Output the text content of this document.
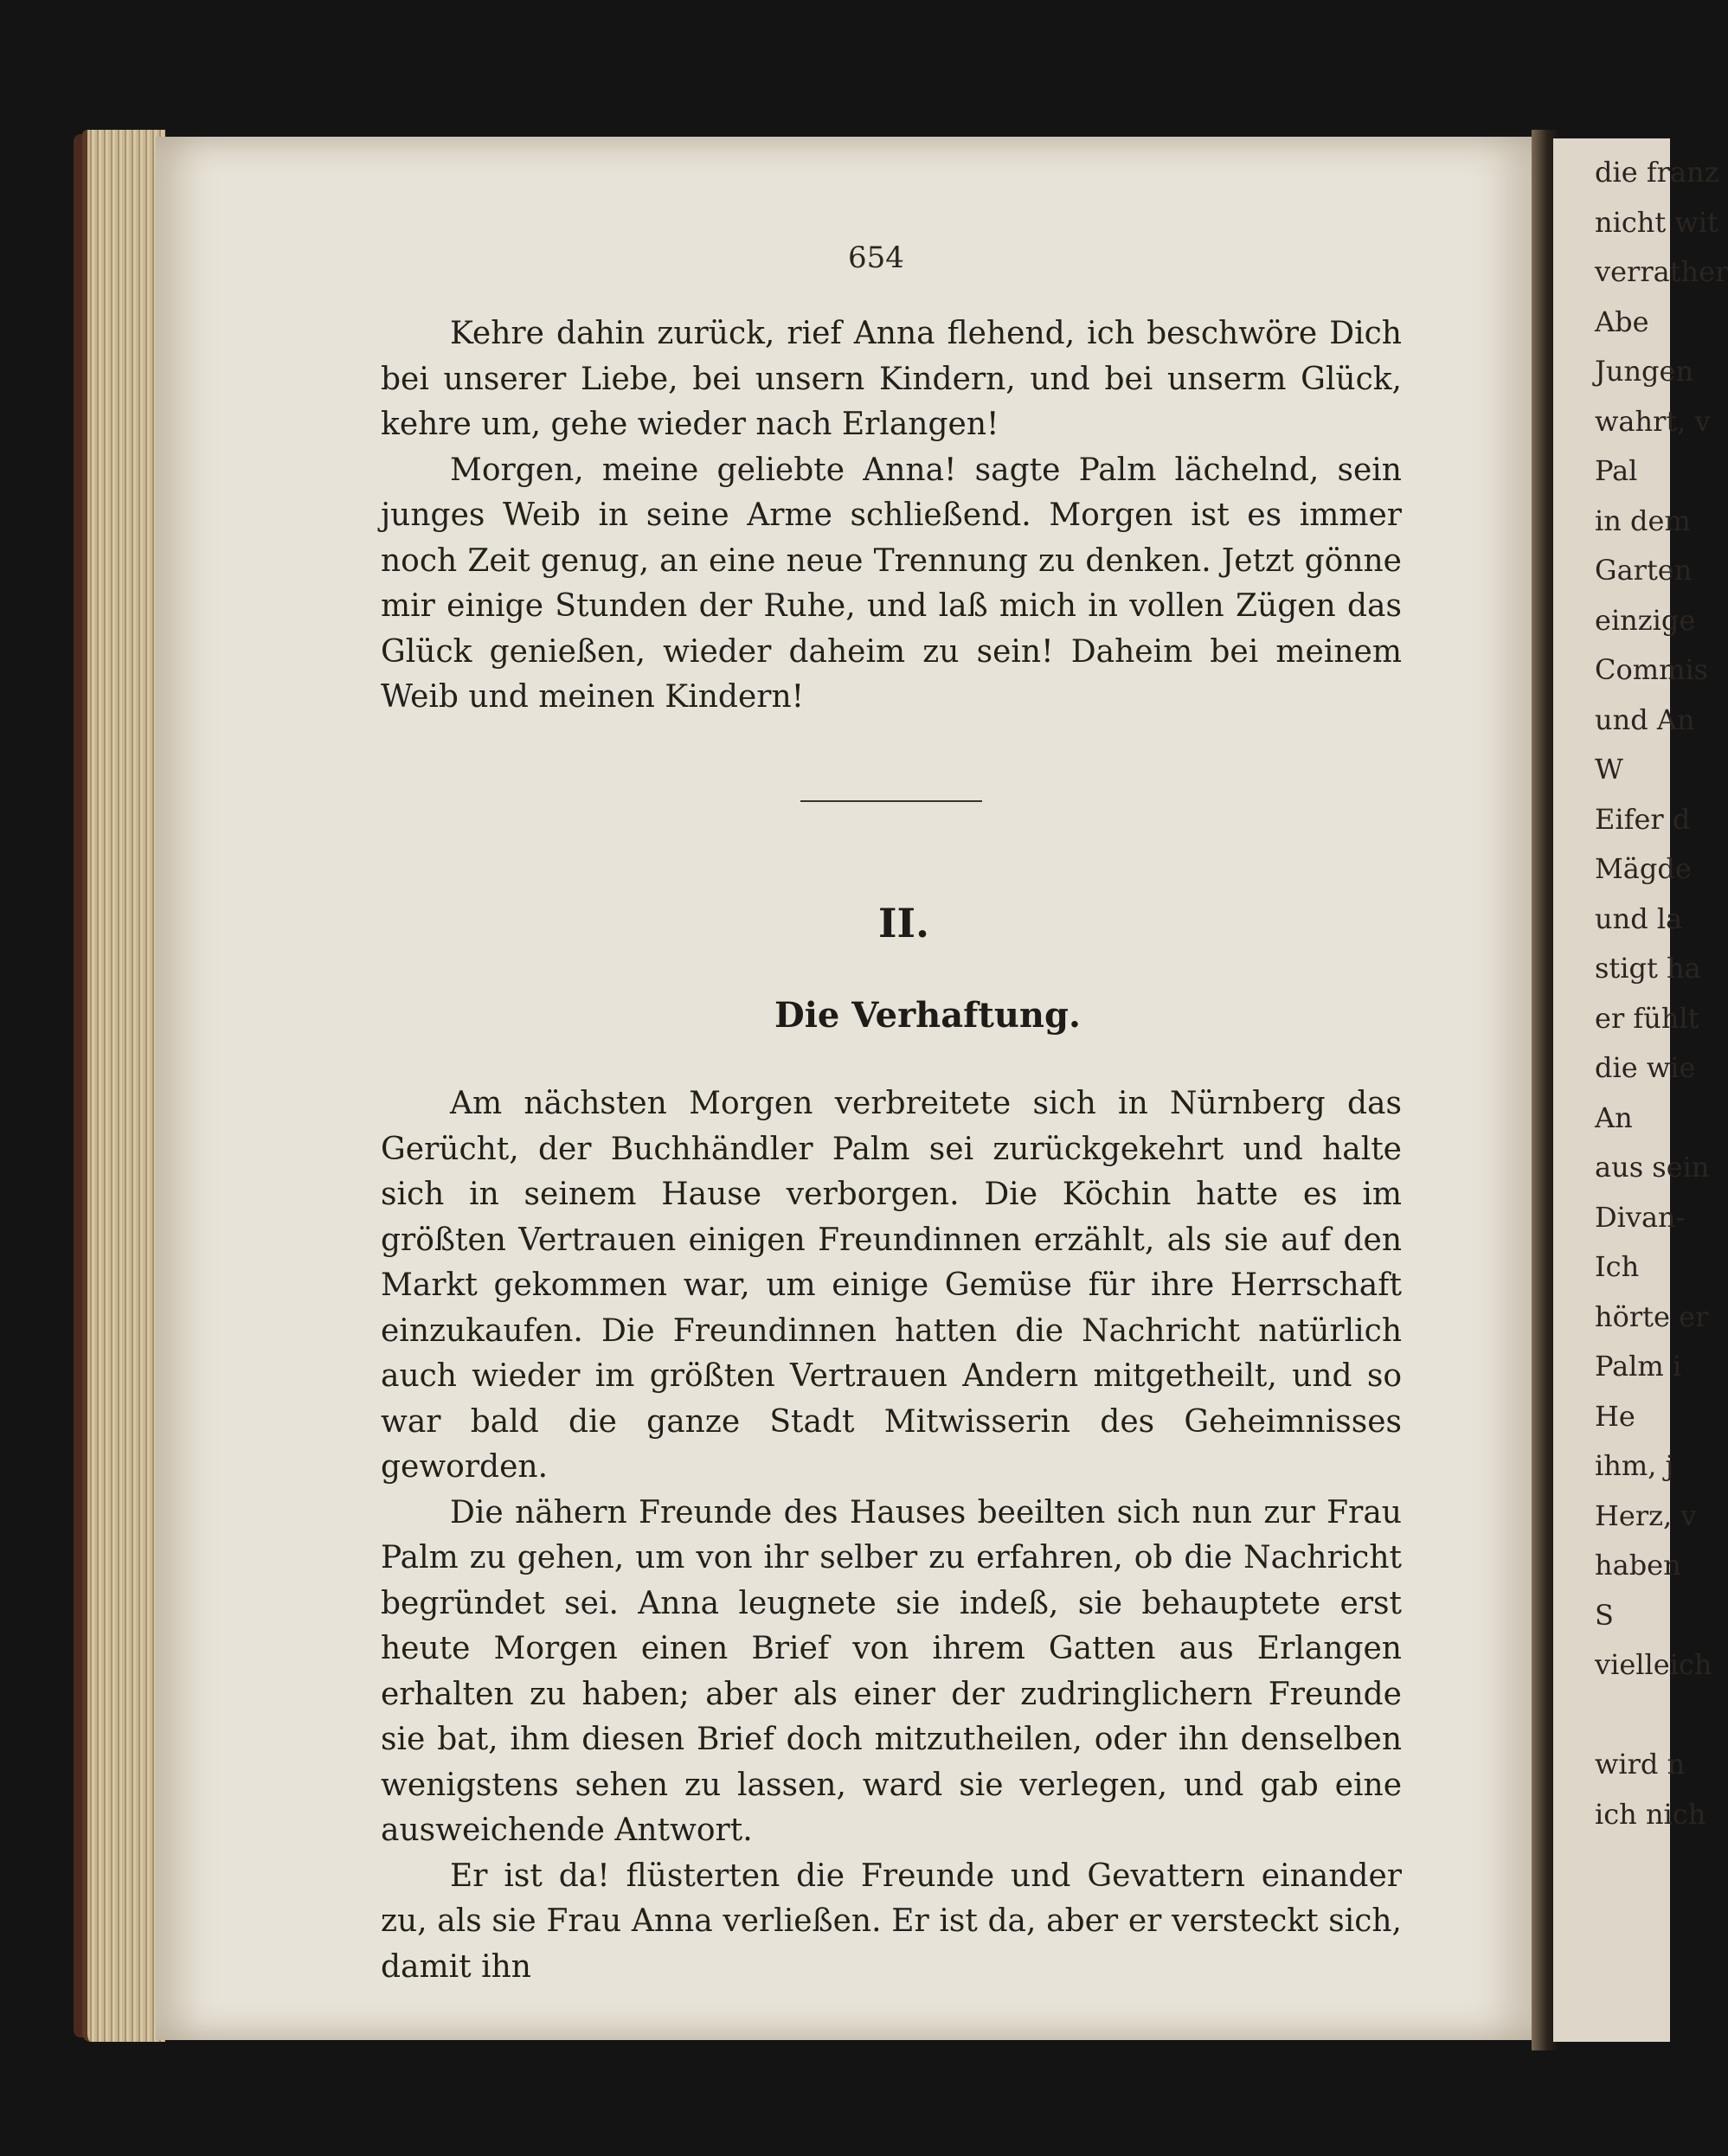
654

Kehre dahin zurück, rief Anna flehend, ich beschwöre Dich bei unserer Liebe, bei unsern Kindern, und bei unserm Glück, kehre um, gehe wieder nach Erlangen!

Morgen, meine geliebte Anna! sagte Palm lächelnd, sein junges Weib in seine Arme schließend. Morgen ist es immer noch Zeit genug, an eine neue Trennung zu denken. Jetzt gönne mir einige Stunden der Ruhe, und laß mich in vollen Zügen das Glück genießen, wieder daheim zu sein! Daheim bei meinem Weib und meinen Kindern!

II.
Die Verhaftung.

Am nächsten Morgen verbreitete sich in Nürnberg das Gerücht, der Buchhändler Palm sei zurückgekehrt und halte sich in seinem Hause verborgen. Die Köchin hatte es im größten Vertrauen einigen Freundinnen erzählt, als sie auf den Markt gekommen war, um einige Gemüse für ihre Herrschaft einzukaufen. Die Freundinnen hatten die Nachricht natürlich auch wieder im größten Vertrauen Andern mitgetheilt, und so war bald die ganze Stadt Mitwisserin des Geheimnisses geworden.

Die nähern Freunde des Hauses beeilten sich nun zur Frau Palm zu gehen, um von ihr selber zu erfahren, ob die Nachricht begründet sei. Anna leugnete sie indeß, sie behauptete erst heute Morgen einen Brief von ihrem Gatten aus Erlangen erhalten zu haben; aber als einer der zudringlichern Freunde sie bat, ihm diesen Brief doch mitzutheilen, oder ihn denselben wenigstens sehen zu lassen, ward sie verlegen, und gab eine ausweichende Antwort.

Er ist da! flüsterten die Freunde und Gevattern einander zu, als sie Frau Anna verließen. Er ist da, aber er versteckt sich, damit ihn

die franz
nicht wit
verrather
Abe
Jungen
wahrt, v
Pal
in dem
Garten
einzige
Commis
und An
W
Eifer d
Mägde
und la
stigt ha
er fühlt
die wie
An
aus sein
Divan-
Ich
hörte er
Palm i
He
ihm, j
Herz, v
haben
S
vielleich
wird n
ich nich
